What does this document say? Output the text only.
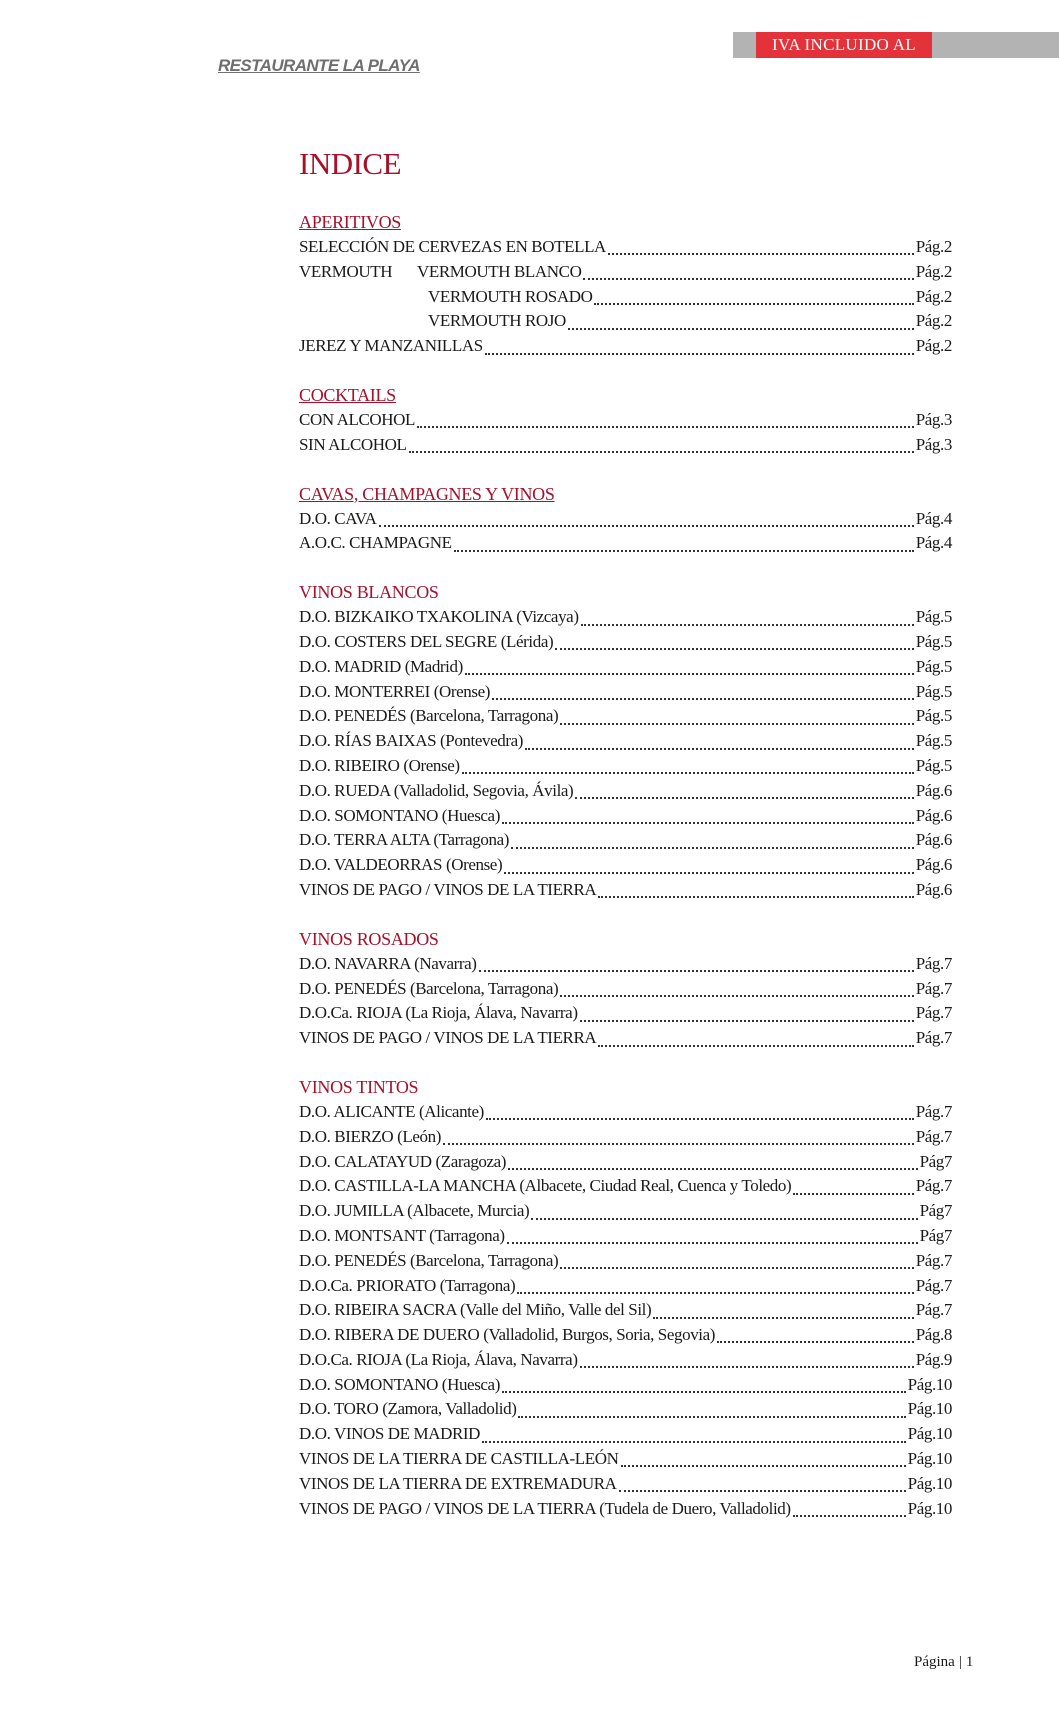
IVA INCLUIDO AL
RESTAURANTE LA PLAYA
INDICE
APERITIVOS
SELECCIÓN DE CERVEZAS EN BOTELLA	Pág.2
VERMOUTH	VERMOUTH BLANCO	Pág.2
VERMOUTH ROSADO	Pág.2
VERMOUTH ROJO	Pág.2
JEREZ Y MANZANILLAS	Pág.2
COCKTAILS
CON ALCOHOL	Pág.3
SIN ALCOHOL	Pág.3
CAVAS, CHAMPAGNES Y VINOS
D.O. CAVA	Pág.4
A.O.C. CHAMPAGNE	Pág.4
VINOS BLANCOS
D.O. BIZKAIKO TXAKOLINA (Vizcaya)	Pág.5
D.O. COSTERS DEL SEGRE (Lérida)	Pág.5
D.O. MADRID (Madrid)	Pág.5
D.O. MONTERREI (Orense)	Pág.5
D.O. PENEDÉS (Barcelona, Tarragona)	Pág.5
D.O. RÍAS BAIXAS (Pontevedra)	Pág.5
D.O. RIBEIRO (Orense)	Pág.5
D.O. RUEDA (Valladolid, Segovia, Ávila)	Pág.6
D.O. SOMONTANO (Huesca)	Pág.6
D.O. TERRA ALTA (Tarragona)	Pág.6
D.O. VALDEORRAS (Orense)	Pág.6
VINOS DE PAGO / VINOS DE LA TIERRA	Pág.6
VINOS ROSADOS
D.O. NAVARRA (Navarra)	Pág.7
D.O. PENEDÉS (Barcelona, Tarragona)	Pág.7
D.O.Ca. RIOJA (La Rioja, Álava, Navarra)	Pág.7
VINOS DE PAGO / VINOS DE LA TIERRA	Pág.7
VINOS TINTOS
D.O. ALICANTE (Alicante)	Pág.7
D.O. BIERZO (León)	Pág.7
D.O. CALATAYUD (Zaragoza)	Pág7
D.O. CASTILLA-LA MANCHA (Albacete, Ciudad Real, Cuenca y Toledo)	Pág.7
D.O. JUMILLA (Albacete, Murcia)	Pág7
D.O. MONTSANT (Tarragona)	Pág7
D.O. PENEDÉS (Barcelona, Tarragona)	Pág.7
D.O.Ca. PRIORATO (Tarragona)	Pág.7
D.O. RIBEIRA SACRA (Valle del Miño, Valle del Sil)	Pág.7
D.O. RIBERA DE DUERO (Valladolid, Burgos, Soria, Segovia)	Pág.8
D.O.Ca. RIOJA (La Rioja, Álava, Navarra)	Pág.9
D.O. SOMONTANO (Huesca)	Pág.10
D.O. TORO (Zamora, Valladolid)	Pág.10
D.O. VINOS DE MADRID	Pág.10
VINOS DE LA TIERRA DE CASTILLA-LEÓN	Pág.10
VINOS DE LA TIERRA DE EXTREMADURA	Pág.10
VINOS DE PAGO / VINOS DE LA TIERRA (Tudela de Duero, Valladolid)	Pág.10
Página | 1
